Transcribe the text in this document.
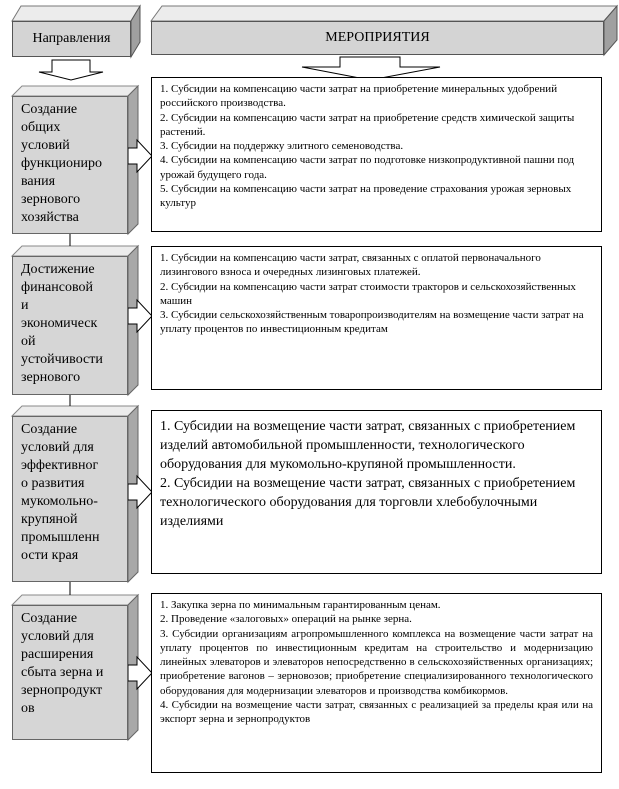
Направления	МЕРОПРИЯТИЯ
Создание
общих
условий
функциониро
вания
зернового
хозяйства
Достижение
финансовой
и
экономическ
ой
устойчивости
зернового
Создание
условий для
эффективног
о развития
мукомольно-
крупяной
промышленн
ости края
Создание
условий для
расширения
сбыта зерна и
зернопродукт
ов

1. Субсидии на компенсацию части затрат на приобретение минеральных удобрений российского производства.

2. Субсидии на компенсацию части затрат на приобретение средств химической защиты растений.

3. Субсидии на поддержку элитного семеноводства.

4. Субсидии на компенсацию части затрат по подготовке низкопродуктивной пашни под урожай будущего года.

5. Субсидии на компенсацию части затрат на проведение страхования урожая зерновых культур

1. Субсидии на компенсацию части затрат, связанных с оплатой первоначального лизингового взноса и очередных лизинговых платежей.

2. Субсидии на компенсацию части затрат стоимости тракторов и сельскохозяйственных машин

3. Субсидии сельскохозяйственным товаропроизводителям на возмещение части затрат на уплату процентов по инвестиционным кредитам

1. Субсидии на возмещение части затрат, связанных с приобретением изделий автомобильной промышленности, технологического оборудования для мукомольно-крупяной промышленности.

2. Субсидии на возмещение части затрат, связанных с приобретением технологического оборудования для торговли хлебобулочными изделиями

1. Закупка зерна по минимальным гарантированным ценам.

2. Проведение «залоговых» операций на рынке зерна.

3. Субсидии организациям агропромышленного комплекса на возмещение части затрат на уплату процентов по инвестиционным кредитам на строительство и модернизацию линейных элеваторов и элеваторов непосредственно в сельскохозяйственных организациях; приобретение вагонов – зерновозов; приобретение специализированного технологического оборудования для модернизации элеваторов и производства комбикормов.

4. Субсидии на возмещение части затрат, связанных с реализацией за пределы края или на экспорт зерна и зернопродуктов
